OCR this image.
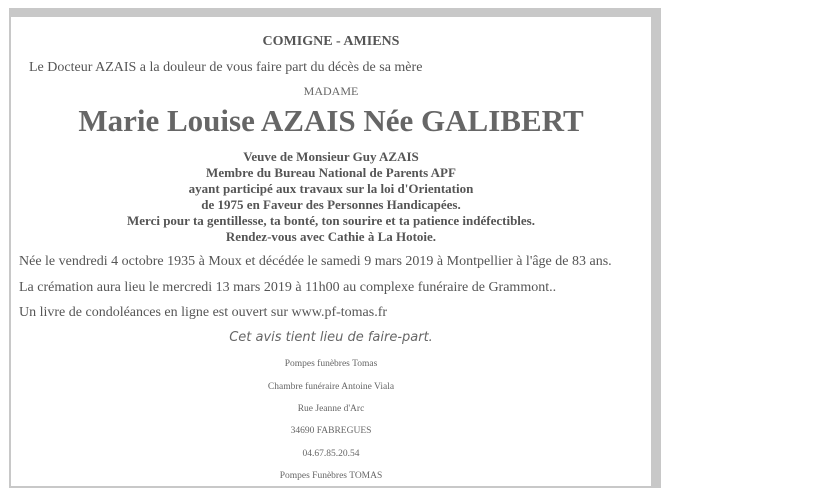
COMIGNE - AMIENS
Le Docteur AZAIS a la douleur de vous faire part du décès de sa mère
MADAME
Marie Louise AZAIS Née GALIBERT
Veuve de Monsieur Guy AZAIS
Membre du Bureau National de Parents APF
ayant participé aux travaux sur la loi d'Orientation
de 1975 en Faveur des Personnes Handicapées.
Merci pour ta gentillesse, ta bonté, ton sourire et ta patience indéfectibles.
Rendez-vous avec Cathie à La Hotoie.
Née le vendredi 4 octobre 1935 à Moux et décédée le samedi 9 mars 2019 à Montpellier à l'âge de 83 ans.
La crémation aura lieu le mercredi 13 mars 2019 à 11h00 au complexe funéraire de Grammont..
Un livre de condoléances en ligne est ouvert sur www.pf-tomas.fr
Cet avis tient lieu de faire-part.
Pompes funèbres Tomas
Chambre funéraire Antoine Viala
Rue Jeanne d'Arc
34690 FABREGUES
04.67.85.20.54
Pompes Funèbres TOMAS
